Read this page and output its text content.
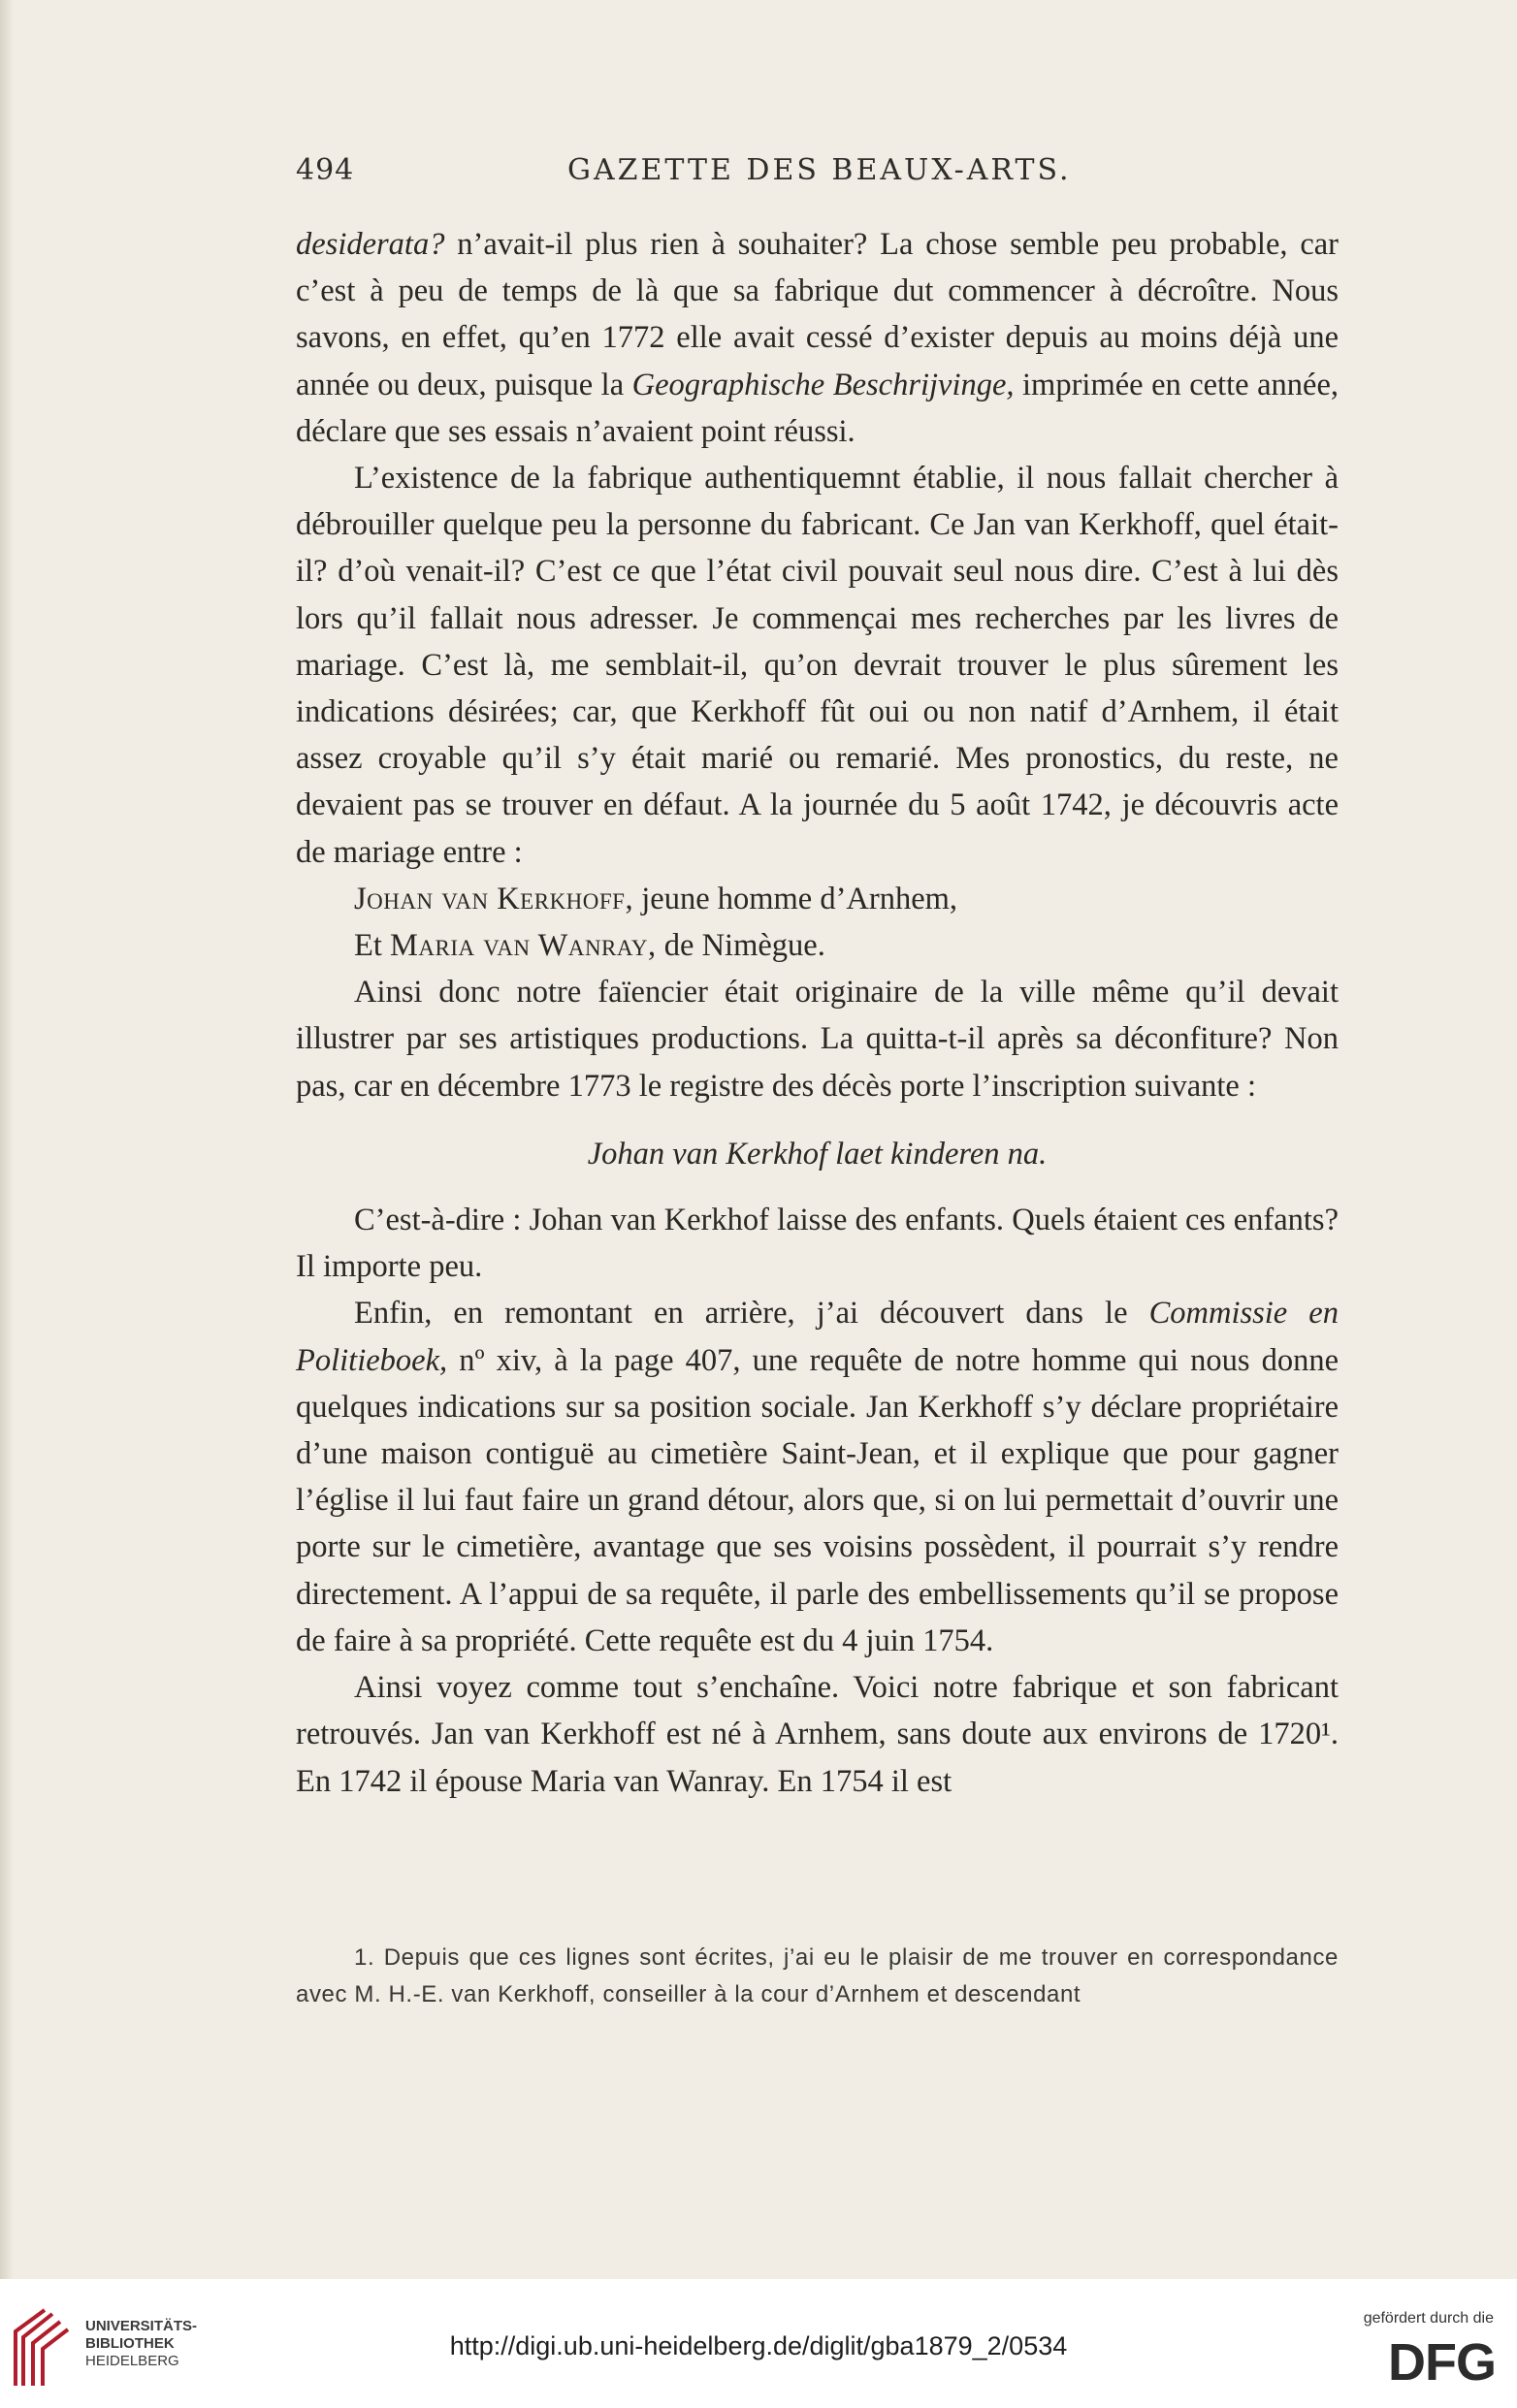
494	GAZETTE DES BEAUX-ARTS.

desiderata? n’avait-il plus rien à souhaiter? La chose semble peu probable, car c’est à peu de temps de là que sa fabrique dut commencer à décroître. Nous savons, en effet, qu’en 1772 elle avait cessé d’exister depuis au moins déjà une année ou deux, puisque la Geographische Beschrijvinge, imprimée en cette année, déclare que ses essais n’avaient point réussi.

L’existence de la fabrique authentiquemnt établie, il nous fallait chercher à débrouiller quelque peu la personne du fabricant. Ce Jan van Kerkhoff, quel était-il? d’où venait-il? C’est ce que l’état civil pouvait seul nous dire. C’est à lui dès lors qu’il fallait nous adresser. Je commençai mes recherches par les livres de mariage. C’est là, me semblait-il, qu’on devrait trouver le plus sûrement les indications désirées; car, que Kerkhoff fût oui ou non natif d’Arnhem, il était assez croyable qu’il s’y était marié ou remarié. Mes pronostics, du reste, ne devaient pas se trouver en défaut. A la journée du 5 août 1742, je découvris acte de mariage entre :

Johan van Kerkhoff, jeune homme d’Arnhem,

Et Maria van Wanray, de Nimègue.

Ainsi donc notre faïencier était originaire de la ville même qu’il devait illustrer par ses artistiques productions. La quitta-t-il après sa déconfiture? Non pas, car en décembre 1773 le registre des décès porte l’inscription suivante :

Johan van Kerkhof laet kinderen na.

C’est-à-dire : Johan van Kerkhof laisse des enfants. Quels étaient ces enfants? Il importe peu.

Enfin, en remontant en arrière, j’ai découvert dans le Commissie en Politieboek, nº xiv, à la page 407, une requête de notre homme qui nous donne quelques indications sur sa position sociale. Jan Kerkhoff s’y déclare propriétaire d’une maison contiguë au cimetière Saint-Jean, et il explique que pour gagner l’église il lui faut faire un grand détour, alors que, si on lui permettait d’ouvrir une porte sur le cimetière, avantage que ses voisins possèdent, il pourrait s’y rendre directement. A l’appui de sa requête, il parle des embellissements qu’il se propose de faire à sa propriété. Cette requête est du 4 juin 1754.

Ainsi voyez comme tout s’enchaîne. Voici notre fabrique et son fabricant retrouvés. Jan van Kerkhoff est né à Arnhem, sans doute aux environs de 1720¹. En 1742 il épouse Maria van Wanray. En 1754 il est

1. Depuis que ces lignes sont écrites, j’ai eu le plaisir de me trouver en correspondance avec M. H.-E. van Kerkhoff, conseiller à la cour d’Arnhem et descendant

UNIVERSITÄTS-
BIBLIOTHEK
HEIDELBERG
http://digi.ub.uni-heidelberg.de/diglit/gba1879_2/0534
gefördert durch die
DFG
